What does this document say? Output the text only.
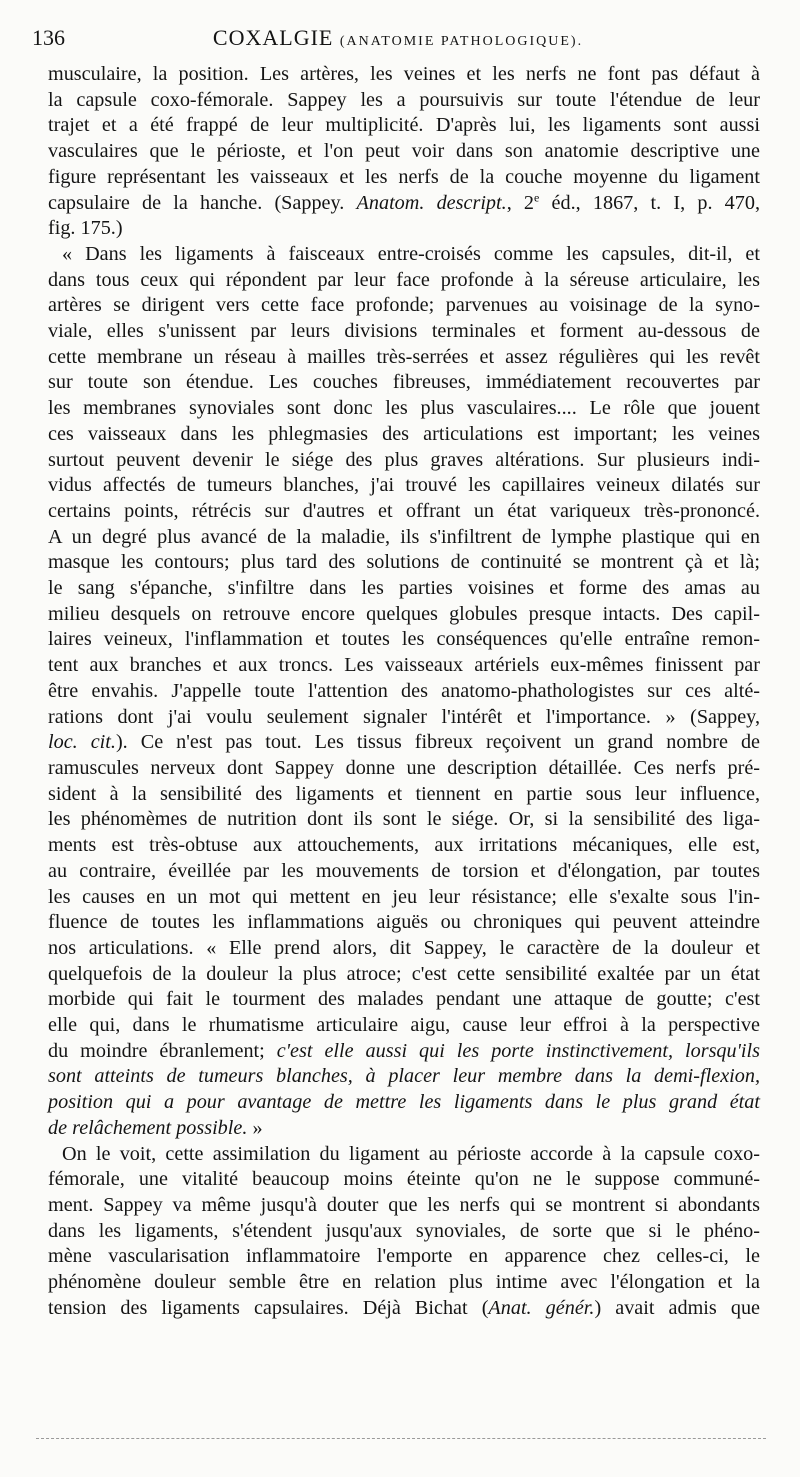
136	COXALGIE (ANATOMIE PATHOLOGIQUE).

musculaire, la position. Les artères, les veines et les nerfs ne font pas défaut à
la capsule coxo-fémorale. Sappey les a poursuivis sur toute l'étendue de leur
trajet et a été frappé de leur multiplicité. D'après lui, les ligaments sont aussi
vasculaires que le périoste, et l'on peut voir dans son anatomie descriptive une
figure représentant les vaisseaux et les nerfs de la couche moyenne du ligament
capsulaire de la hanche. (Sappey. Anatom. descript., 2e éd., 1867, t. I, p. 470,
fig. 175.)

« Dans les ligaments à faisceaux entre-croisés comme les capsules, dit-il, et
dans tous ceux qui répondent par leur face profonde à la séreuse articulaire, les
artères se dirigent vers cette face profonde; parvenues au voisinage de la syno-
viale, elles s'unissent par leurs divisions terminales et forment au-dessous de
cette membrane un réseau à mailles très-serrées et assez régulières qui les revêt
sur toute son étendue. Les couches fibreuses, immédiatement recouvertes par
les membranes synoviales sont donc les plus vasculaires.... Le rôle que jouent
ces vaisseaux dans les phlegmasies des articulations est important; les veines
surtout peuvent devenir le siége des plus graves altérations. Sur plusieurs indi-
vidus affectés de tumeurs blanches, j'ai trouvé les capillaires veineux dilatés sur
certains points, rétrécis sur d'autres et offrant un état variqueux très-prononcé.
A un degré plus avancé de la maladie, ils s'infiltrent de lymphe plastique qui en
masque les contours; plus tard des solutions de continuité se montrent çà et là;
le sang s'épanche, s'infiltre dans les parties voisines et forme des amas au
milieu desquels on retrouve encore quelques globules presque intacts. Des capil-
laires veineux, l'inflammation et toutes les conséquences qu'elle entraîne remon-
tent aux branches et aux troncs. Les vaisseaux artériels eux-mêmes finissent par
être envahis. J'appelle toute l'attention des anatomo-phathologistes sur ces alté-
rations dont j'ai voulu seulement signaler l'intérêt et l'importance. » (Sappey,
loc. cit.). Ce n'est pas tout. Les tissus fibreux reçoivent un grand nombre de
ramuscules nerveux dont Sappey donne une description détaillée. Ces nerfs pré-
sident à la sensibilité des ligaments et tiennent en partie sous leur influence,
les phénomèmes de nutrition dont ils sont le siége. Or, si la sensibilité des liga-
ments est très-obtuse aux attouchements, aux irritations mécaniques, elle est,
au contraire, éveillée par les mouvements de torsion et d'élongation, par toutes
les causes en un mot qui mettent en jeu leur résistance; elle s'exalte sous l'in-
fluence de toutes les inflammations aiguës ou chroniques qui peuvent atteindre
nos articulations. « Elle prend alors, dit Sappey, le caractère de la douleur et
quelquefois de la douleur la plus atroce; c'est cette sensibilité exaltée par un état
morbide qui fait le tourment des malades pendant une attaque de goutte; c'est
elle qui, dans le rhumatisme articulaire aigu, cause leur effroi à la perspective
du moindre ébranlement; c'est elle aussi qui les porte instinctivement, lorsqu'ils
sont atteints de tumeurs blanches, à placer leur membre dans la demi-flexion,
position qui a pour avantage de mettre les ligaments dans le plus grand état
de relâchement possible. »

On le voit, cette assimilation du ligament au périoste accorde à la capsule coxo-
fémorale, une vitalité beaucoup moins éteinte qu'on ne le suppose communé-
ment. Sappey va même jusqu'à douter que les nerfs qui se montrent si abondants
dans les ligaments, s'étendent jusqu'aux synoviales, de sorte que si le phéno-
mène vascularisation inflammatoire l'emporte en apparence chez celles-ci, le
phénomène douleur semble être en relation plus intime avec l'élongation et la
tension des ligaments capsulaires. Déjà Bichat (Anat. génér.) avait admis que
